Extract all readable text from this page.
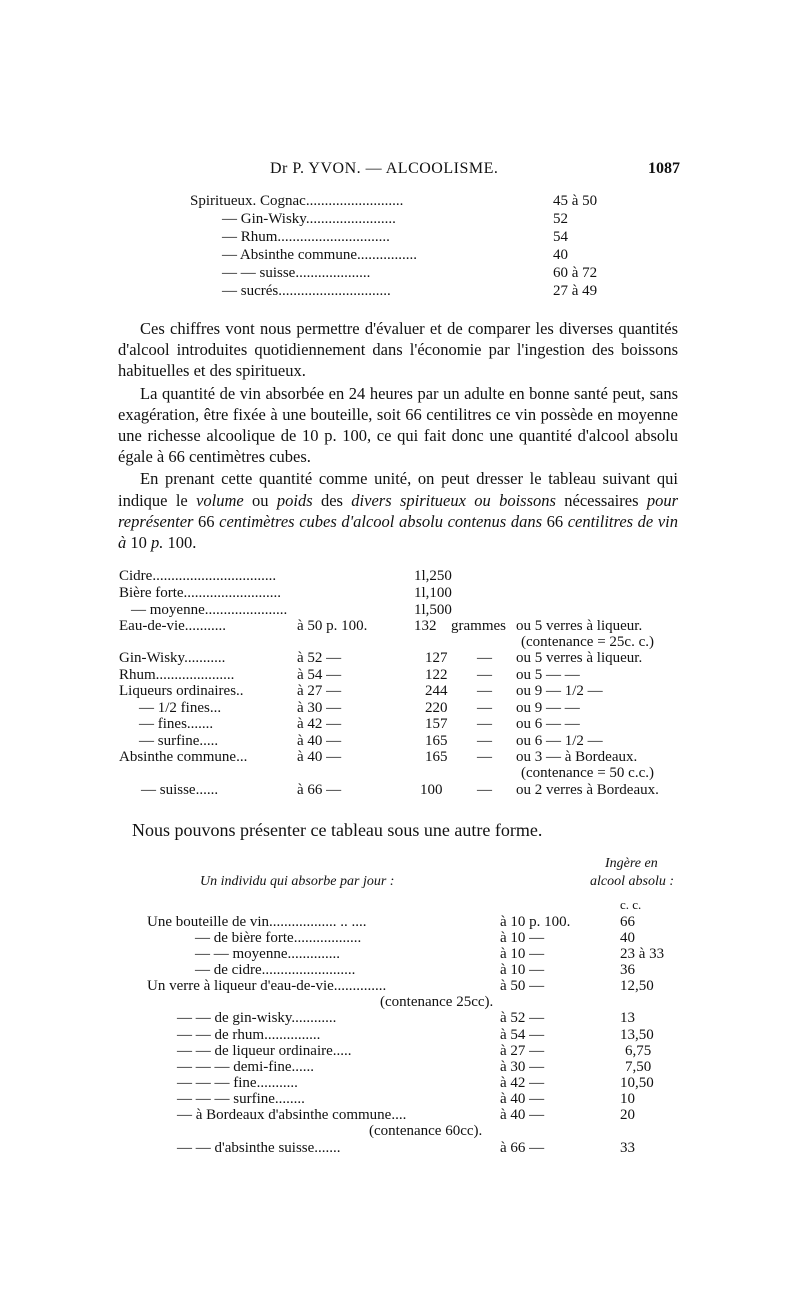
Dr P. YVON. — ALCOOLISME.	1087
Spiritueux. Cognac..........................	45 à 50
— Gin-Wisky........................	52
— Rhum..............................	54
— Absinthe commune................	40
— — suisse....................	60 à 72
— sucrés..............................	27 à 49

Ces chiffres vont nous permettre d'évaluer et de comparer les diverses quantités d'alcool introduites quotidiennement dans l'économie par l'ingestion des boissons habituelles et des spiritueux.

La quantité de vin absorbée en 24 heures par un adulte en bonne santé peut, sans exagération, être fixée à une bouteille, soit 66 centilitres ce vin possède en moyenne une richesse alcoolique de 10 p. 100, ce qui fait donc une quantité d'alcool absolu égale à 66 centimètres cubes.

En prenant cette quantité comme unité, on peut dresser le tableau suivant qui indique le volume ou poids des divers spiritueux ou boissons nécessaires pour représenter 66 centimètres cubes d'alcool absolu contenus dans 66 centilitres de vin à 10 p. 100.

Cidre.................................	1l,250
Bière forte..........................	1l,100
— moyenne......................	1l,500
Eau-de-vie...........	à 50 p. 100.	132 grammes ou 5 verres à liqueur.
(contenance = 25c. c.)
Gin-Wisky...........	à 52 —	127 — ou 5 verres à liqueur.
Rhum.....................	à 54 —	122 — ou 5 — —
Liqueurs ordinaires..	à 27 —	244 — ou 9 — 1/2 —
— 1/2 fines...	à 30 —	220 — ou 9 — —
— fines.......	à 42 —	157 — ou 6 — —
— surfine.....	à 40 —	165 — ou 6 — 1/2 —
Absinthe commune...	à 40 —	165 — ou 3 — à Bordeaux.
(contenance = 50 c.c.)
— suisse......	à 66 —	100 — ou 2 verres à Bordeaux.
Nous pouvons présenter ce tableau sous une autre forme.
Un individu qui absorbe par jour :
Ingère en
alcool absolu :
c. c.
Une bouteille de vin.................. .. ....	à 10 p. 100.	66
— de bière forte..................	à 10 —	40
— — moyenne..............	à 10 —	23 à 33
— de cidre.........................	à 10 —	36
Un verre à liqueur d'eau-de-vie..............	à 50 —	12,50
(contenance 25cc).
— — de gin-wisky............	à 52 —	13
— — de rhum...............	à 54 —	13,50
— — de liqueur ordinaire.....	à 27 —	6,75
— — — demi-fine......	à 30 —	7,50
— — — fine...........	à 42 —	10,50
— — — surfine........	à 40 —	10
— à Bordeaux d'absinthe commune....	à 40 —	20
(contenance 60cc).
— — d'absinthe suisse.......	à 66 —	33
